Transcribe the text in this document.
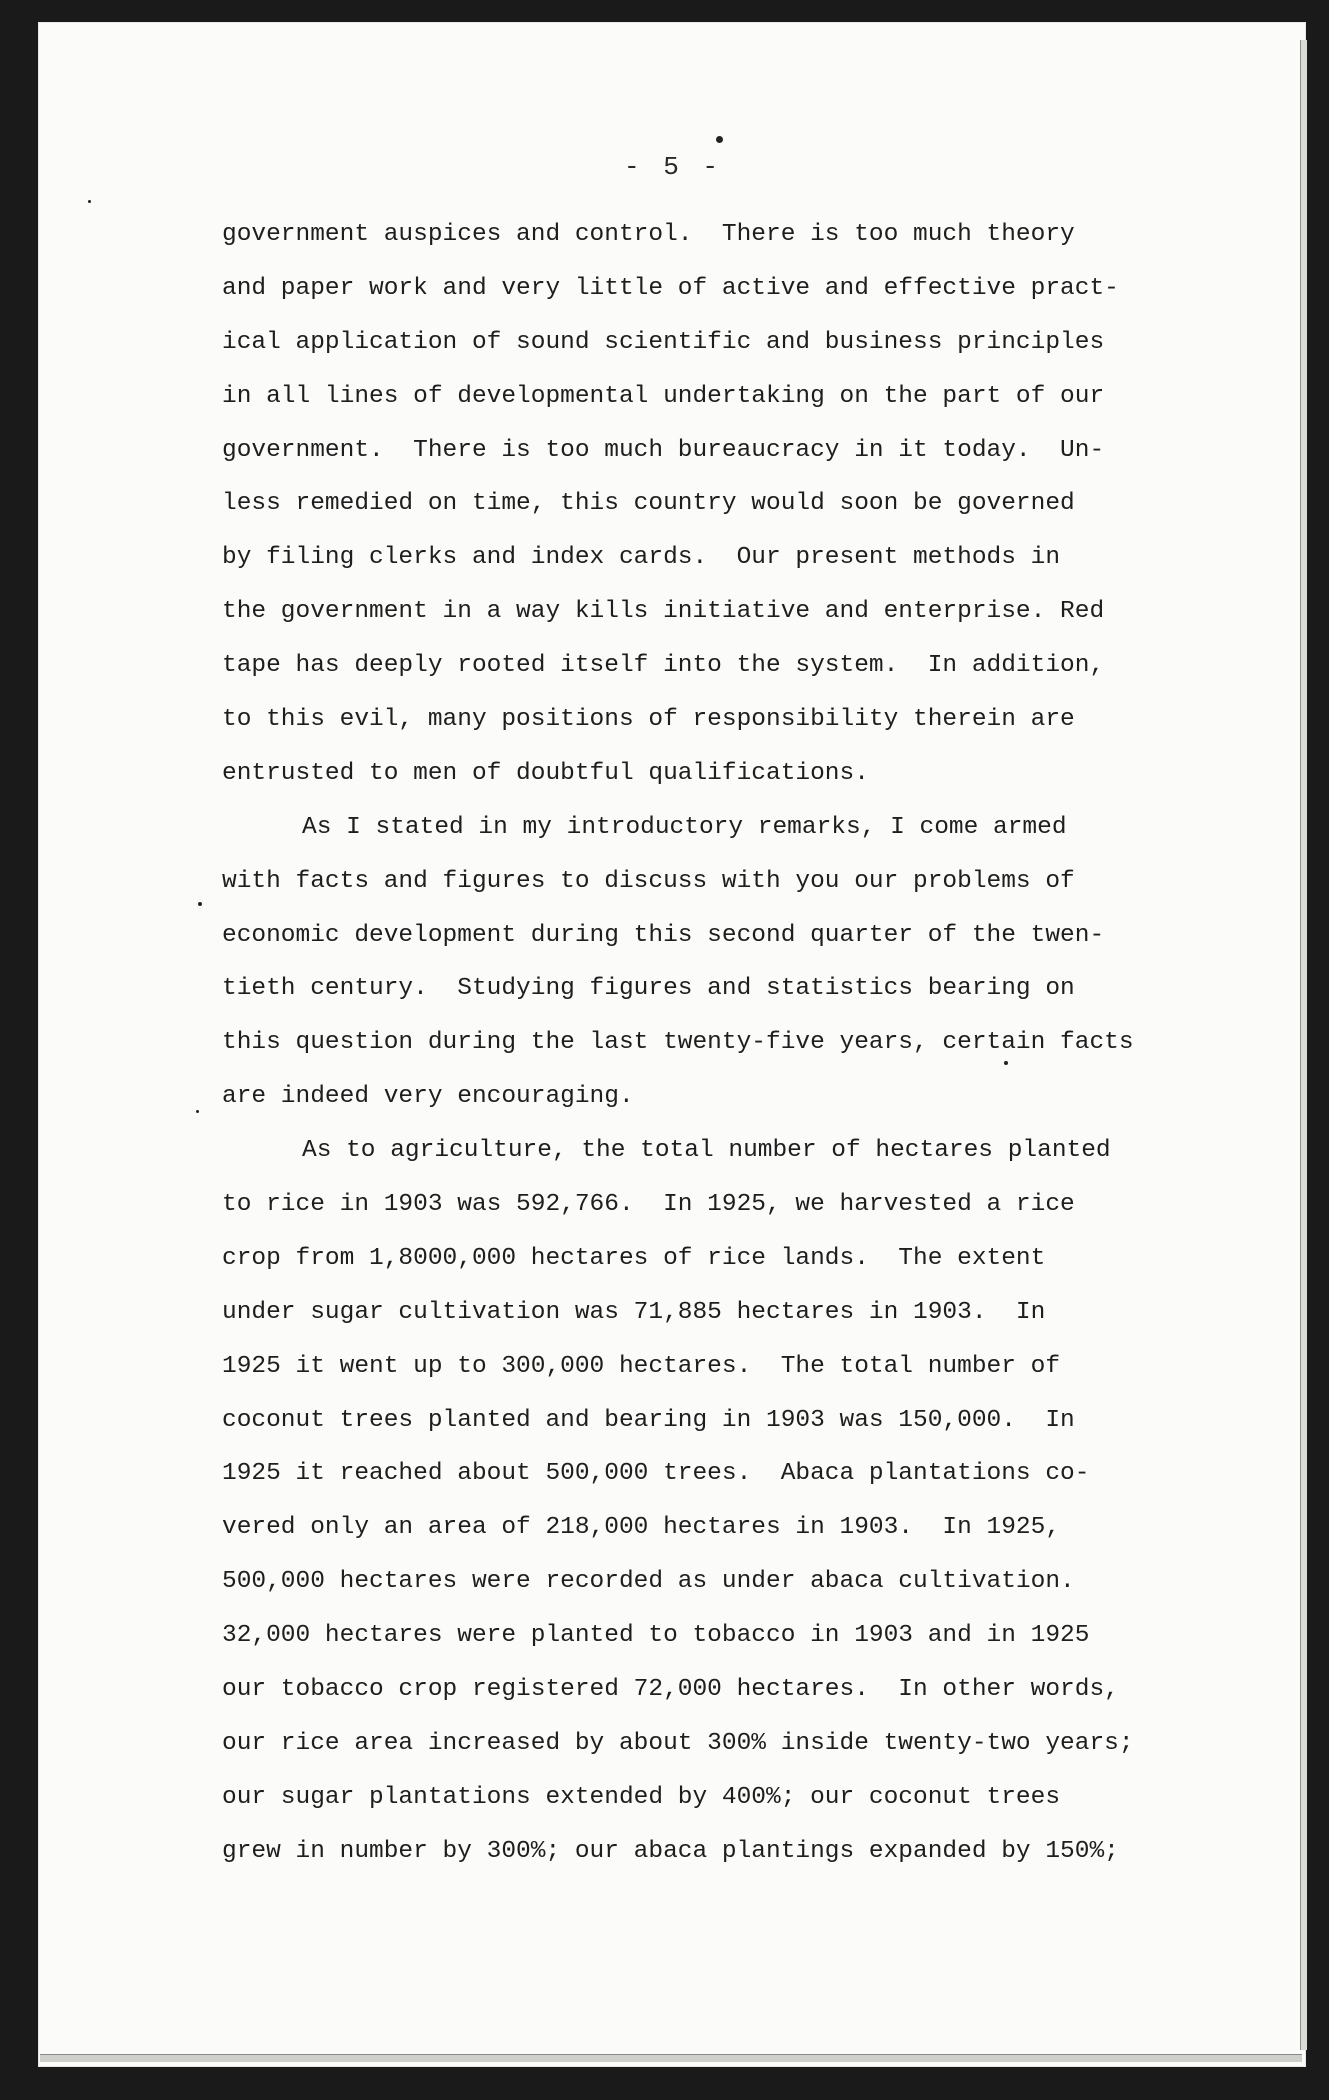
- 5 -
government auspices and control.  There is too much theory
and paper work and very little of active and effective pract-
ical application of sound scientific and business principles
in all lines of developmental undertaking on the part of our
government.  There is too much bureaucracy in it today.  Un-
less remedied on time, this country would soon be governed
by filing clerks and index cards.  Our present methods in
the government in a way kills initiative and enterprise. Red
tape has deeply rooted itself into the system.  In addition,
to this evil, many positions of responsibility therein are
entrusted to men of doubtful qualifications.
As I stated in my introductory remarks, I come armed
with facts and figures to discuss with you our problems of
economic development during this second quarter of the twen-
tieth century.  Studying figures and statistics bearing on
this question during the last twenty-five years, certain facts
are indeed very encouraging.
As to agriculture, the total number of hectares planted
to rice in 1903 was 592,766.  In 1925, we harvested a rice
crop from 1,8000,000 hectares of rice lands.  The extent
under sugar cultivation was 71,885 hectares in 1903.  In
1925 it went up to 300,000 hectares.  The total number of
coconut trees planted and bearing in 1903 was 150,000.  In
1925 it reached about 500,000 trees.  Abaca plantations co-
vered only an area of 218,000 hectares in 1903.  In 1925,
500,000 hectares were recorded as under abaca cultivation.
32,000 hectares were planted to tobacco in 1903 and in 1925
our tobacco crop registered 72,000 hectares.  In other words,
our rice area increased by about 300% inside twenty-two years;
our sugar plantations extended by 400%; our coconut trees
grew in number by 300%; our abaca plantings expanded by 150%;
